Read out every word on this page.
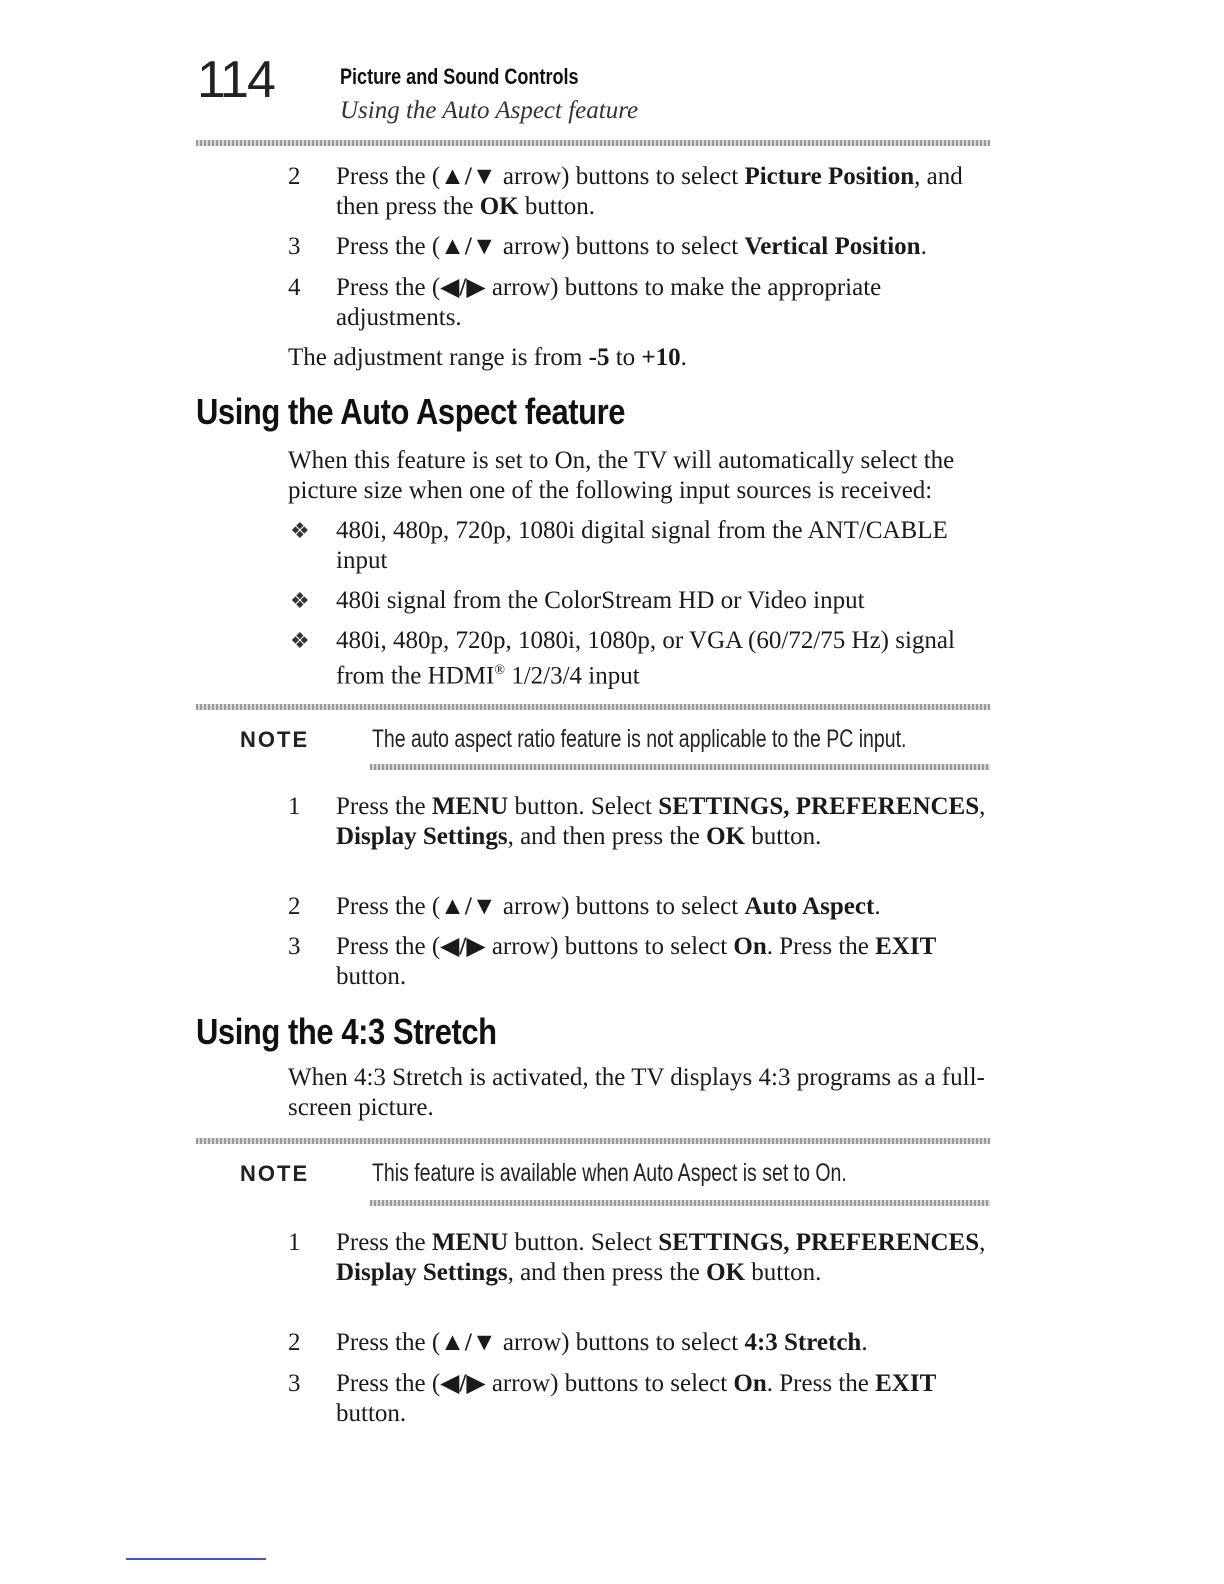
114	Picture and Sound Controls
Using the Auto Aspect feature
2 Press the (▲/▼ arrow) buttons to select Picture Position, and then press the OK button.
3 Press the (▲/▼ arrow) buttons to select Vertical Position.
4 Press the (◀/▶ arrow) buttons to make the appropriate adjustments.
The adjustment range is from -5 to +10.
Using the Auto Aspect feature
When this feature is set to On, the TV will automatically select the picture size when one of the following input sources is received:
❖ 480i, 480p, 720p, 1080i digital signal from the ANT/CABLE input
❖ 480i signal from the ColorStream HD or Video input
❖ 480i, 480p, 720p, 1080i, 1080p, or VGA (60/72/75 Hz) signal from the HDMI® 1/2/3/4 input
NOTE	The auto aspect ratio feature is not applicable to the PC input.
1 Press the MENU button. Select SETTINGS, PREFERENCES, Display Settings, and then press the OK button.
2 Press the (▲/▼ arrow) buttons to select Auto Aspect.
3 Press the (◀/▶ arrow) buttons to select On. Press the EXIT button.
Using the 4:3 Stretch
When 4:3 Stretch is activated, the TV displays 4:3 programs as a full-screen picture.
NOTE	This feature is available when Auto Aspect is set to On.
1 Press the MENU button. Select SETTINGS, PREFERENCES, Display Settings, and then press the OK button.
2 Press the (▲/▼ arrow) buttons to select 4:3 Stretch.
3 Press the (◀/▶ arrow) buttons to select On. Press the EXIT button.
